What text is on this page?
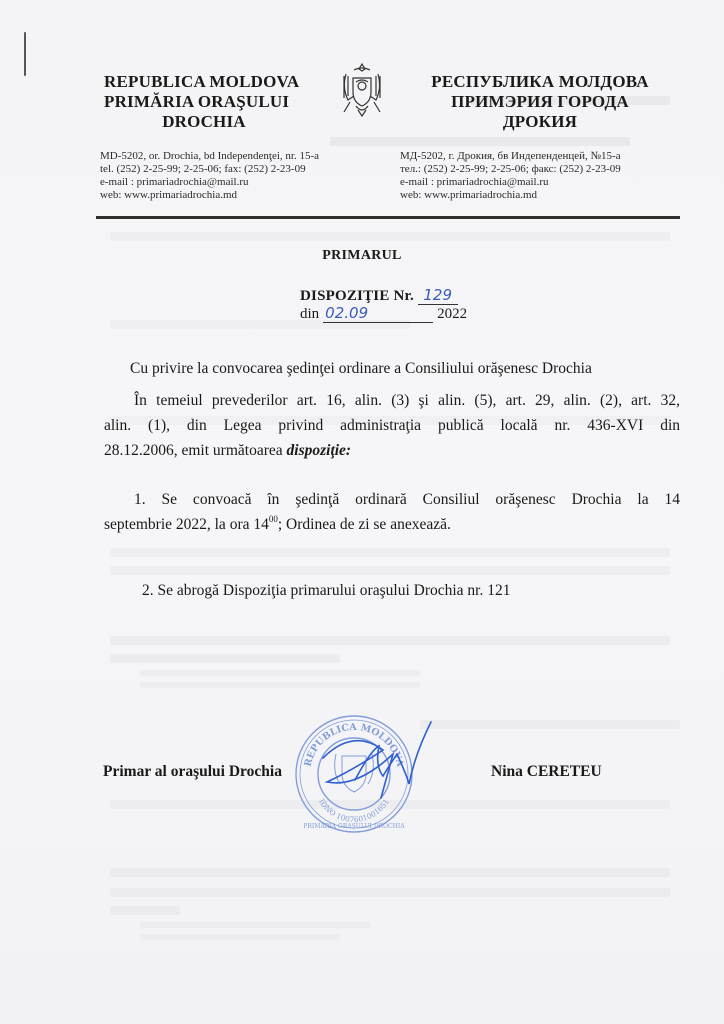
REPUBLICA MOLDOVA
PRIMĂRIA ORAŞULUI
DROCHIA
РЕСПУБЛИКА МОЛДОВА
ПРИМЭРИЯ ГОРОДА
ДРОКИЯ
MD-5202, or. Drochia, bd Independenţei, nr. 15-a
tel. (252) 2-25-99; 2-25-06; fax: (252) 2-23-09
e-mail : primariadrochia@mail.ru
web: www.primariadrochia.md
МД-5202, г. Дрокия, бв Индепенденцей, №15-а
тел.: (252) 2-25-99; 2-25-06; факс: (252) 2-23-09
e-mail : primariadrochia@mail.ru
web: www.primariadrochia.md
PRIMARUL
DISPOZIŢIE Nr. 129
din 02.09	2022
Cu privire la convocarea şedinţei ordinare a Consiliului orăşenesc Drochia
În temeiul prevederilor art. 16, alin. (3) şi alin. (5), art. 29, alin. (2), art. 32,
alin. (1), din Legea privind administraţia publică locală nr. 436-XVI din
28.12.2006, emit următoarea dispoziţie:
1. Se convoacă în şedinţă ordinară Consiliul orăşenesc Drochia la 14
septembrie 2022, la ora $14^{00}$; Ordinea de zi se anexează.
2. Se abrogă Dispoziţia primarului oraşului Drochia nr. 121
REPUBLICA MOLDOVA
IDNO 1007601001651
PRIMĂRIA ORAŞULUI DROCHIA
Primar al oraşului Drochia	Nina CERETEU
